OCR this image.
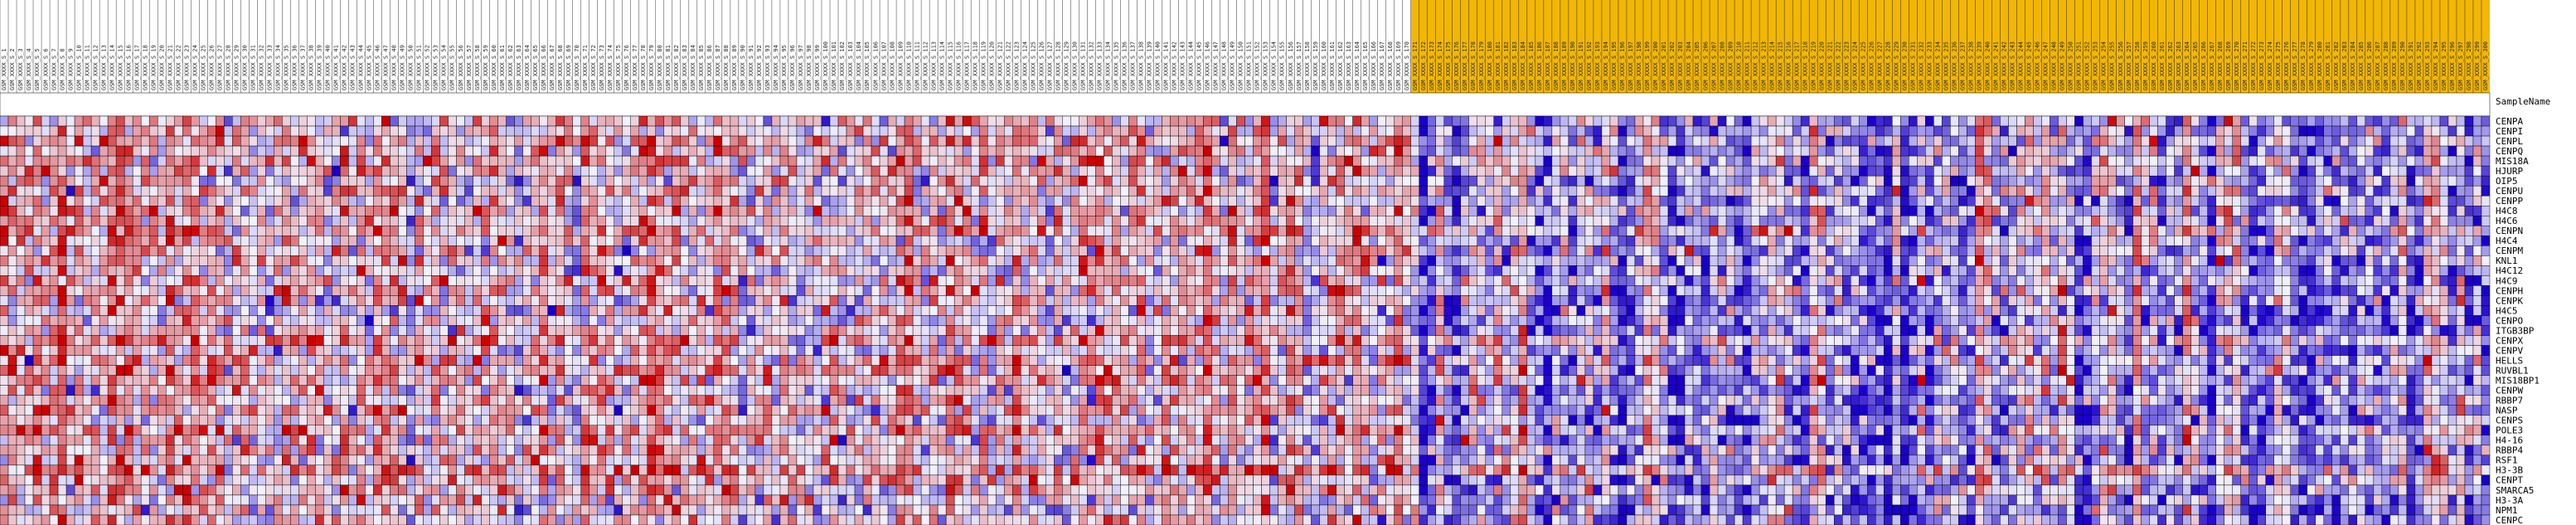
GSM_XXXX_S_1 GSM_XXXX_S_2 GSM_XXXX_S_3 GSM_XXXX_S_4 GSM_XXXX_S_5 GSM_XXXX_S_6 GSM_XXXX_S_7 GSM_XXXX_S_8 GSM_XXXX_S_9 GSM_XXXX_S_10 GSM_XXXX_S_11 GSM_XXXX_S_12 GSM_XXXX_S_13 GSM_XXXX_S_14 GSM_XXXX_S_15 GSM_XXXX_S_16 GSM_XXXX_S_17 GSM_XXXX_S_18 GSM_XXXX_S_19 GSM_XXXX_S_20 GSM_XXXX_S_21 GSM_XXXX_S_22 GSM_XXXX_S_23 GSM_XXXX_S_24 GSM_XXXX_S_25 GSM_XXXX_S_26 GSM_XXXX_S_27 GSM_XXXX_S_28 GSM_XXXX_S_29 GSM_XXXX_S_30 GSM_XXXX_S_31 GSM_XXXX_S_32 GSM_XXXX_S_33 GSM_XXXX_S_34 GSM_XXXX_S_35 GSM_XXXX_S_36 GSM_XXXX_S_37 GSM_XXXX_S_38 GSM_XXXX_S_39 GSM_XXXX_S_40 GSM_XXXX_S_41 GSM_XXXX_S_42 GSM_XXXX_S_43 GSM_XXXX_S_44 GSM_XXXX_S_45 GSM_XXXX_S_46 GSM_XXXX_S_47 GSM_XXXX_S_48 GSM_XXXX_S_49 GSM_XXXX_S_50 GSM_XXXX_S_51 GSM_XXXX_S_52 GSM_XXXX_S_53 GSM_XXXX_S_54 GSM_XXXX_S_55 GSM_XXXX_S_56 GSM_XXXX_S_57 GSM_XXXX_S_58 GSM_XXXX_S_59 GSM_XXXX_S_60 GSM_XXXX_S_61 GSM_XXXX_S_62 GSM_XXXX_S_63 GSM_XXXX_S_64 GSM_XXXX_S_65 GSM_XXXX_S_66 GSM_XXXX_S_67 GSM_XXXX_S_68 GSM_XXXX_S_69 GSM_XXXX_S_70 GSM_XXXX_S_71 GSM_XXXX_S_72 GSM_XXXX_S_73 GSM_XXXX_S_74 GSM_XXXX_S_75 GSM_XXXX_S_76 GSM_XXXX_S_77 GSM_XXXX_S_78 GSM_XXXX_S_79 GSM_XXXX_S_80 GSM_XXXX_S_81 GSM_XXXX_S_82 GSM_XXXX_S_83 GSM_XXXX_S_84 GSM_XXXX_S_85 GSM_XXXX_S_86 GSM_XXXX_S_87 GSM_XXXX_S_88 GSM_XXXX_S_89 GSM_XXXX_S_90 GSM_XXXX_S_91 GSM_XXXX_S_92 GSM_XXXX_S_93 GSM_XXXX_S_94 GSM_XXXX_S_95 GSM_XXXX_S_96 GSM_XXXX_S_97 GSM_XXXX_S_98 GSM_XXXX_S_99 GSM_XXXX_S_100 GSM_XXXX_S_101 GSM_XXXX_S_102 GSM_XXXX_S_103 GSM_XXXX_S_104 GSM_XXXX_S_105 GSM_XXXX_S_106 GSM_XXXX_S_107 GSM_XXXX_S_108 GSM_XXXX_S_109 GSM_XXXX_S_110 GSM_XXXX_S_111 GSM_XXXX_S_112 GSM_XXXX_S_113 GSM_XXXX_S_114 GSM_XXXX_S_115 GSM_XXXX_S_116 GSM_XXXX_S_117 GSM_XXXX_S_118 GSM_XXXX_S_119 GSM_XXXX_S_120 GSM_XXXX_S_121 GSM_XXXX_S_122 GSM_XXXX_S_123 GSM_XXXX_S_124 GSM_XXXX_S_125 GSM_XXXX_S_126 GSM_XXXX_S_127 GSM_XXXX_S_128 GSM_XXXX_S_129 GSM_XXXX_S_130 GSM_XXXX_S_131 GSM_XXXX_S_132 GSM_XXXX_S_133 GSM_XXXX_S_134 GSM_XXXX_S_135 GSM_XXXX_S_136 GSM_XXXX_S_137 GSM_XXXX_S_138 GSM_XXXX_S_139 GSM_XXXX_S_140 GSM_XXXX_S_141 GSM_XXXX_S_142 GSM_XXXX_S_143 GSM_XXXX_S_144 GSM_XXXX_S_145 GSM_XXXX_S_146 GSM_XXXX_S_147 GSM_XXXX_S_148 GSM_XXXX_S_149 GSM_XXXX_S_150 GSM_XXXX_S_151 GSM_XXXX_S_152 GSM_XXXX_S_153 GSM_XXXX_S_154 GSM_XXXX_S_155 GSM_XXXX_S_156 GSM_XXXX_S_157 GSM_XXXX_S_158 GSM_XXXX_S_159 GSM_XXXX_S_160 GSM_XXXX_S_161 GSM_XXXX_S_162 GSM_XXXX_S_163 GSM_XXXX_S_164 GSM_XXXX_S_165 GSM_XXXX_S_166 GSM_XXXX_S_167 GSM_XXXX_S_168 GSM_XXXX_S_169 GSM_XXXX_S_170 GSM_XXXX_S_171 GSM_XXXX_S_172 GSM_XXXX_S_173 GSM_XXXX_S_174 GSM_XXXX_S_175 GSM_XXXX_S_176 GSM_XXXX_S_177 GSM_XXXX_S_178 GSM_XXXX_S_179 GSM_XXXX_S_180 GSM_XXXX_S_181 GSM_XXXX_S_182 GSM_XXXX_S_183 GSM_XXXX_S_184 GSM_XXXX_S_185 GSM_XXXX_S_186 GSM_XXXX_S_187 GSM_XXXX_S_188 GSM_XXXX_S_189 GSM_XXXX_S_190 GSM_XXXX_S_191 GSM_XXXX_S_192 GSM_XXXX_S_193 GSM_XXXX_S_194 GSM_XXXX_S_195 GSM_XXXX_S_196 GSM_XXXX_S_197 GSM_XXXX_S_198 GSM_XXXX_S_199 GSM_XXXX_S_200 GSM_XXXX_S_201 GSM_XXXX_S_202 GSM_XXXX_S_203 GSM_XXXX_S_204 GSM_XXXX_S_205 GSM_XXXX_S_206 GSM_XXXX_S_207 GSM_XXXX_S_208 GSM_XXXX_S_209 GSM_XXXX_S_210 GSM_XXXX_S_211 GSM_XXXX_S_212 GSM_XXXX_S_213 GSM_XXXX_S_214 GSM_XXXX_S_215 GSM_XXXX_S_216 GSM_XXXX_S_217 GSM_XXXX_S_218 GSM_XXXX_S_219 GSM_XXXX_S_220 GSM_XXXX_S_221 GSM_XXXX_S_222 GSM_XXXX_S_223 GSM_XXXX_S_224 GSM_XXXX_S_225 GSM_XXXX_S_226 GSM_XXXX_S_227 GSM_XXXX_S_228 GSM_XXXX_S_229 GSM_XXXX_S_230 GSM_XXXX_S_231 GSM_XXXX_S_232 GSM_XXXX_S_233 GSM_XXXX_S_234 GSM_XXXX_S_235 GSM_XXXX_S_236 GSM_XXXX_S_237 GSM_XXXX_S_238 GSM_XXXX_S_239 GSM_XXXX_S_240 GSM_XXXX_S_241 GSM_XXXX_S_242 GSM_XXXX_S_243 GSM_XXXX_S_244 GSM_XXXX_S_245 GSM_XXXX_S_246 GSM_XXXX_S_247 GSM_XXXX_S_248 GSM_XXXX_S_249 GSM_XXXX_S_250 GSM_XXXX_S_251 GSM_XXXX_S_252 GSM_XXXX_S_253 GSM_XXXX_S_254 GSM_XXXX_S_255 GSM_XXXX_S_256 GSM_XXXX_S_257 GSM_XXXX_S_258 GSM_XXXX_S_259 GSM_XXXX_S_260 GSM_XXXX_S_261 GSM_XXXX_S_262 GSM_XXXX_S_263 GSM_XXXX_S_264 GSM_XXXX_S_265 GSM_XXXX_S_266 GSM_XXXX_S_267 GSM_XXXX_S_268 GSM_XXXX_S_269 GSM_XXXX_S_270 GSM_XXXX_S_271 GSM_XXXX_S_272 GSM_XXXX_S_273 GSM_XXXX_S_274 GSM_XXXX_S_275 GSM_XXXX_S_276 GSM_XXXX_S_277 GSM_XXXX_S_278 GSM_XXXX_S_279 GSM_XXXX_S_280 GSM_XXXX_S_281 GSM_XXXX_S_282 GSM_XXXX_S_283 GSM_XXXX_S_284 GSM_XXXX_S_285 GSM_XXXX_S_286 GSM_XXXX_S_287 GSM_XXXX_S_288 GSM_XXXX_S_289 GSM_XXXX_S_290 GSM_XXXX_S_291 GSM_XXXX_S_292 GSM_XXXX_S_293 GSM_XXXX_S_294 GSM_XXXX_S_295 GSM_XXXX_S_296 GSM_XXXX_S_297 GSM_XXXX_S_298 GSM_XXXX_S_299 GSM_XXXX_S_300
SampleName
CENPA
CENPI
CENPL
CENPQ
MIS18A
HJURP
OIP5
CENPU
CENPP
H4C8
H4C6
CENPN
H4C4
CENPM
KNL1
H4C12
H4C9
CENPH
CENPK
H4C5
CENPO
ITGB3BP
CENPX
CENPV
HELLS
RUVBL1
MIS18BP1
CENPW
RBBP7
NASP
CENPS
POLE3
H4-16
RBBP4
RSF1
H3-3B
CENPT
SMARCA5
H3-3A
NPM1
CENPC
